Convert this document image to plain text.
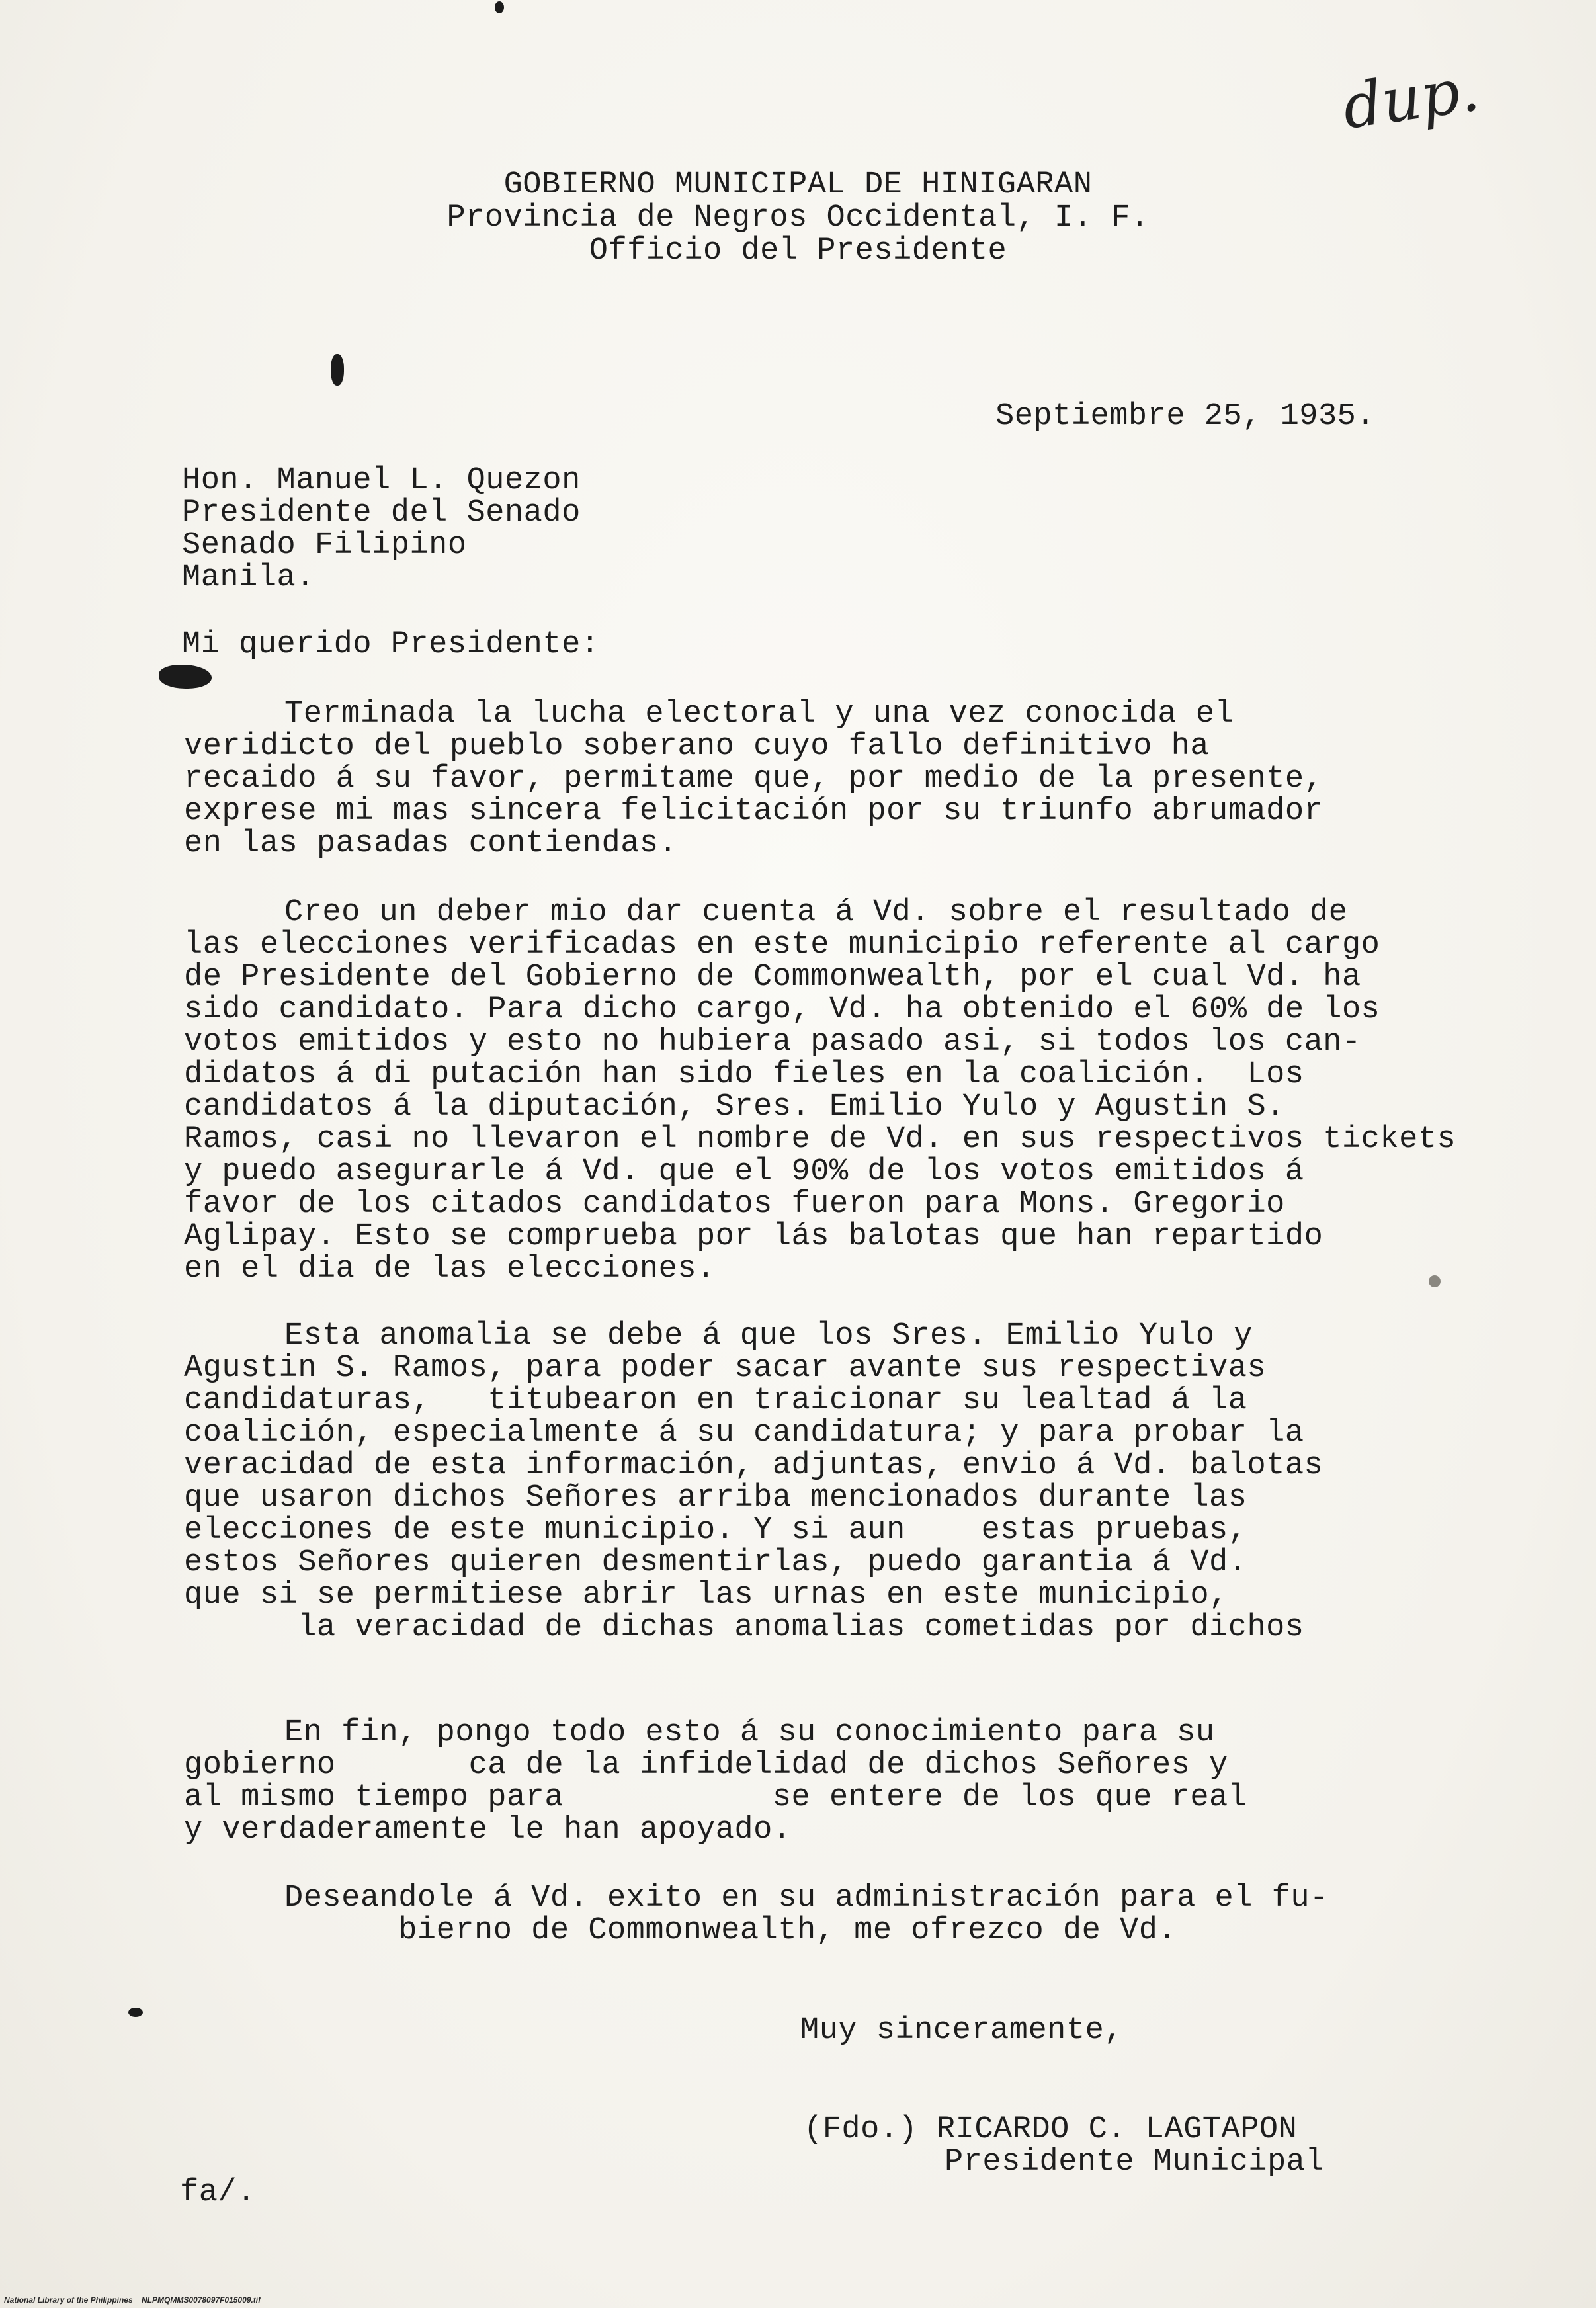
dup.
GOBIERNO MUNICIPAL DE HINIGARAN
Provincia de Negros Occidental, I. F.
Officio del Presidente
Septiembre 25, 1935.
Hon. Manuel L. Quezon
Presidente del Senado
Senado Filipino
Manila.
Mi querido Presidente:
Terminada la lucha electoral y una vez conocida el
veridicto del pueblo soberano cuyo fallo definitivo ha
recaido á su favor, permitame que, por medio de la presente,
exprese mi mas sincera felicitación por su triunfo abrumador
en las pasadas contiendas.
Creo un deber mio dar cuenta á Vd. sobre el resultado de
las elecciones verificadas en este municipio referente al cargo
de Presidente del Gobierno de Commonwealth, por el cual Vd. ha
sido candidato. Para dicho cargo, Vd. ha obtenido el 60% de los
votos emitidos y esto no hubiera pasado asi, si todos los can-
didatos á di putación han sido fieles en la coalición.  Los
candidatos á la diputación, Sres. Emilio Yulo y Agustin S.
Ramos, casi no llevaron el nombre de Vd. en sus respectivos tickets
y puedo asegurarle á Vd. que el 90% de los votos emitidos á
favor de los citados candidatos fueron para Mons. Gregorio
Aglipay. Esto se comprueba por lás balotas que han repartido
en el dia de las elecciones.
Esta anomalia se debe á que los Sres. Emilio Yulo y
Agustin S. Ramos, para poder sacar avante sus respectivas
candidaturas,   titubearon en traicionar su lealtad á la
coalición, especialmente á su candidatura; y para probar la
veracidad de esta información, adjuntas, envio á Vd. balotas
que usaron dichos Señores arriba mencionados durante las
elecciones de este municipio. Y si aun    estas pruebas,
estos Señores quieren desmentirlas, puedo garantia á Vd.
que si se permitiese abrir las urnas en este municipio,
la veracidad de dichas anomalias cometidas por dichos
En fin, pongo todo esto á su conocimiento para su
gobierno       ca de la infidelidad de dichos Señores y
al mismo tiempo para           se entere de los que real
y verdaderamente le han apoyado.
Deseandole á Vd. exito en su administración para el fu-
bierno de Commonwealth, me ofrezco de Vd.
Muy sinceramente,
(Fdo.) RICARDO C. LAGTAPON
Presidente Municipal
fa/.
National Library of the Philippines    NLPMQMMS0078097F015009.tif
